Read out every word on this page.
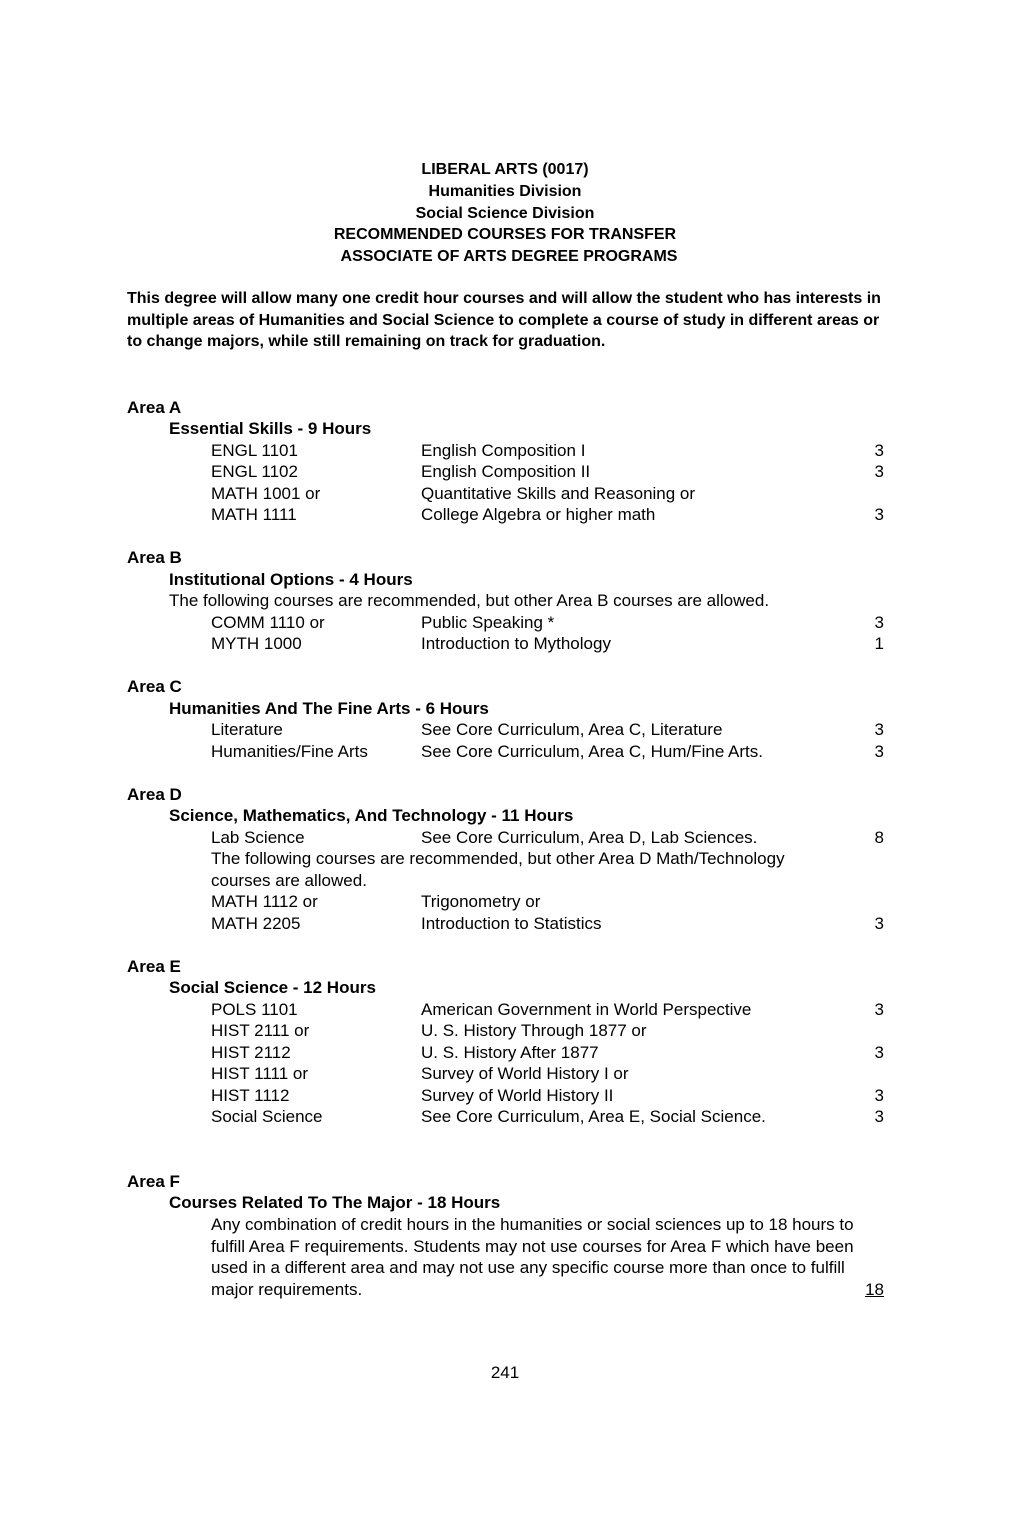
LIBERAL ARTS (0017)
Humanities Division
Social Science Division
RECOMMENDED COURSES FOR TRANSFER
ASSOCIATE OF ARTS DEGREE PROGRAMS
This degree will allow many one credit hour courses and will allow the student who has interests in multiple areas of Humanities and Social Science to complete a course of study in different areas or to change majors, while still remaining on track for graduation.
Area A
Essential Skills - 9 Hours
ENGL 1101	English Composition I	3
ENGL 1102	English Composition II	3
MATH 1001 or	Quantitative Skills and Reasoning or
MATH 1111	College Algebra or higher math	3
Area B
Institutional Options - 4 Hours
The following courses are recommended, but other Area B courses are allowed.
COMM 1110 or	Public Speaking *	3
MYTH 1000	Introduction to Mythology	1
Area C
Humanities And The Fine Arts - 6 Hours
Literature	See Core Curriculum, Area C, Literature	3
Humanities/Fine Arts	See Core Curriculum, Area C, Hum/Fine Arts.	3
Area D
Science, Mathematics, And Technology - 11 Hours
Lab Science	See Core Curriculum, Area D, Lab Sciences.	8
The following courses are recommended, but other Area D Math/Technology
courses are allowed.
MATH 1112 or	Trigonometry or
MATH 2205	Introduction to Statistics	3
Area E
Social Science - 12 Hours
POLS 1101	American Government in World Perspective	3
HIST 2111 or	U. S. History Through 1877 or
HIST 2112	U. S. History After 1877	3
HIST 1111 or	Survey of World History I or
HIST 1112	Survey of World History II	3
Social Science	See Core Curriculum, Area E, Social Science.	3
Area F
Courses Related To The Major - 18 Hours
Any combination of credit hours in the humanities or social sciences up to 18 hours to fulfill Area F requirements. Students may not use courses for Area F which have been used in a different area and may not use any specific course more than once to fulfill major requirements.	18
241
